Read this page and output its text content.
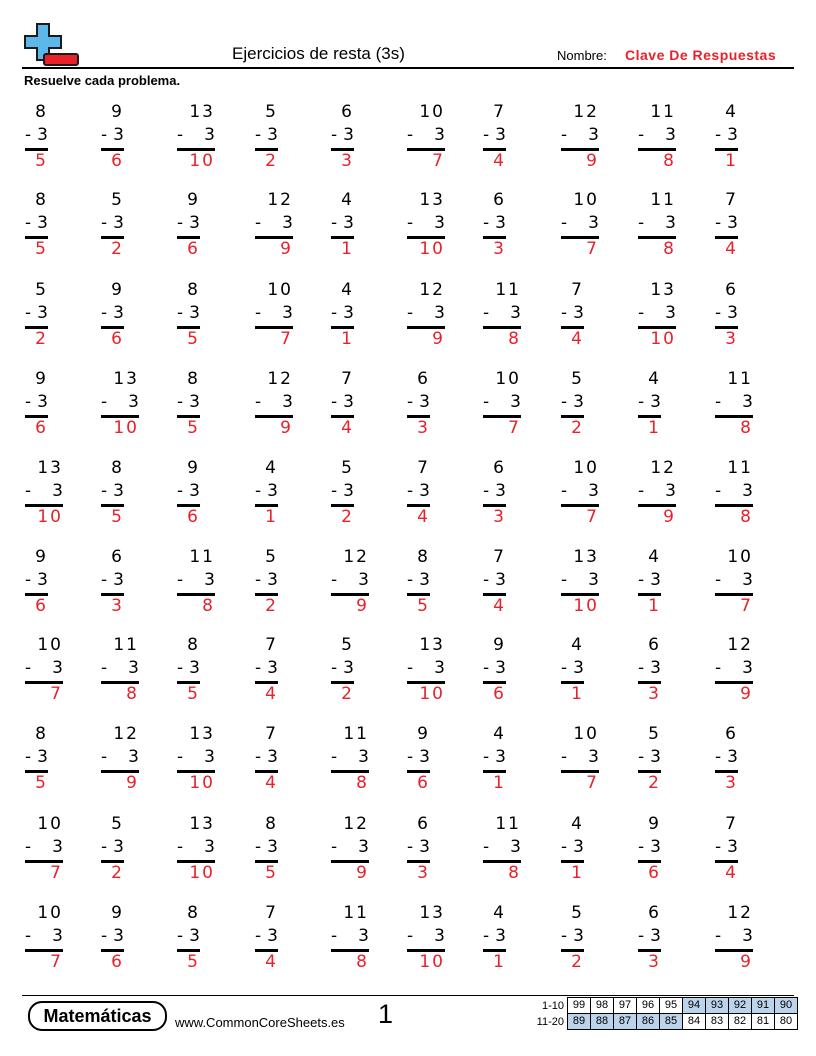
Ejercicios de resta (3s)	Nombre: Clave De Respuestas
Resuelve cada problema.
8
- 3
5
9
- 3
6
13
- 3
10
5
- 3
2
6
- 3
3
10
- 3
7
7
- 3
4
12
- 3
9
11
- 3
8
4
- 3
1
8
- 3
5
5
- 3
2
9
- 3
6
12
- 3
9
4
- 3
1
13
- 3
10
6
- 3
3
10
- 3
7
11
- 3
8
7
- 3
4
5
- 3
2
9
- 3
6
8
- 3
5
10
- 3
7
4
- 3
1
12
- 3
9
11
- 3
8
7
- 3
4
13
- 3
10
6
- 3
3
9
- 3
6
13
- 3
10
8
- 3
5
12
- 3
9
7
- 3
4
6
- 3
3
10
- 3
7
5
- 3
2
4
- 3
1
11
- 3
8
13
- 3
10
8
- 3
5
9
- 3
6
4
- 3
1
5
- 3
2
7
- 3
4
6
- 3
3
10
- 3
7
12
- 3
9
11
- 3
8
9
- 3
6
6
- 3
3
11
- 3
8
5
- 3
2
12
- 3
9
8
- 3
5
7
- 3
4
13
- 3
10
4
- 3
1
10
- 3
7
10
- 3
7
11
- 3
8
8
- 3
5
7
- 3
4
5
- 3
2
13
- 3
10
9
- 3
6
4
- 3
1
6
- 3
3
12
- 3
9
8
- 3
5
12
- 3
9
13
- 3
10
7
- 3
4
11
- 3
8
9
- 3
6
4
- 3
1
10
- 3
7
5
- 3
2
6
- 3
3
10
- 3
7
5
- 3
2
13
- 3
10
8
- 3
5
12
- 3
9
6
- 3
3
11
- 3
8
4
- 3
1
9
- 3
6
7
- 3
4
10
- 3
7
9
- 3
6
8
- 3
5
7
- 3
4
11
- 3
8
13
- 3
10
4
- 3
1
5
- 3
2
6
- 3
3
12
- 3
9
Matemáticas	www.CommonCoreSheets.es 1	1-10 99 98 97 96 95 94 93 92 91 90
11-20 89 88 87 86 85 84 83 82 81 80
